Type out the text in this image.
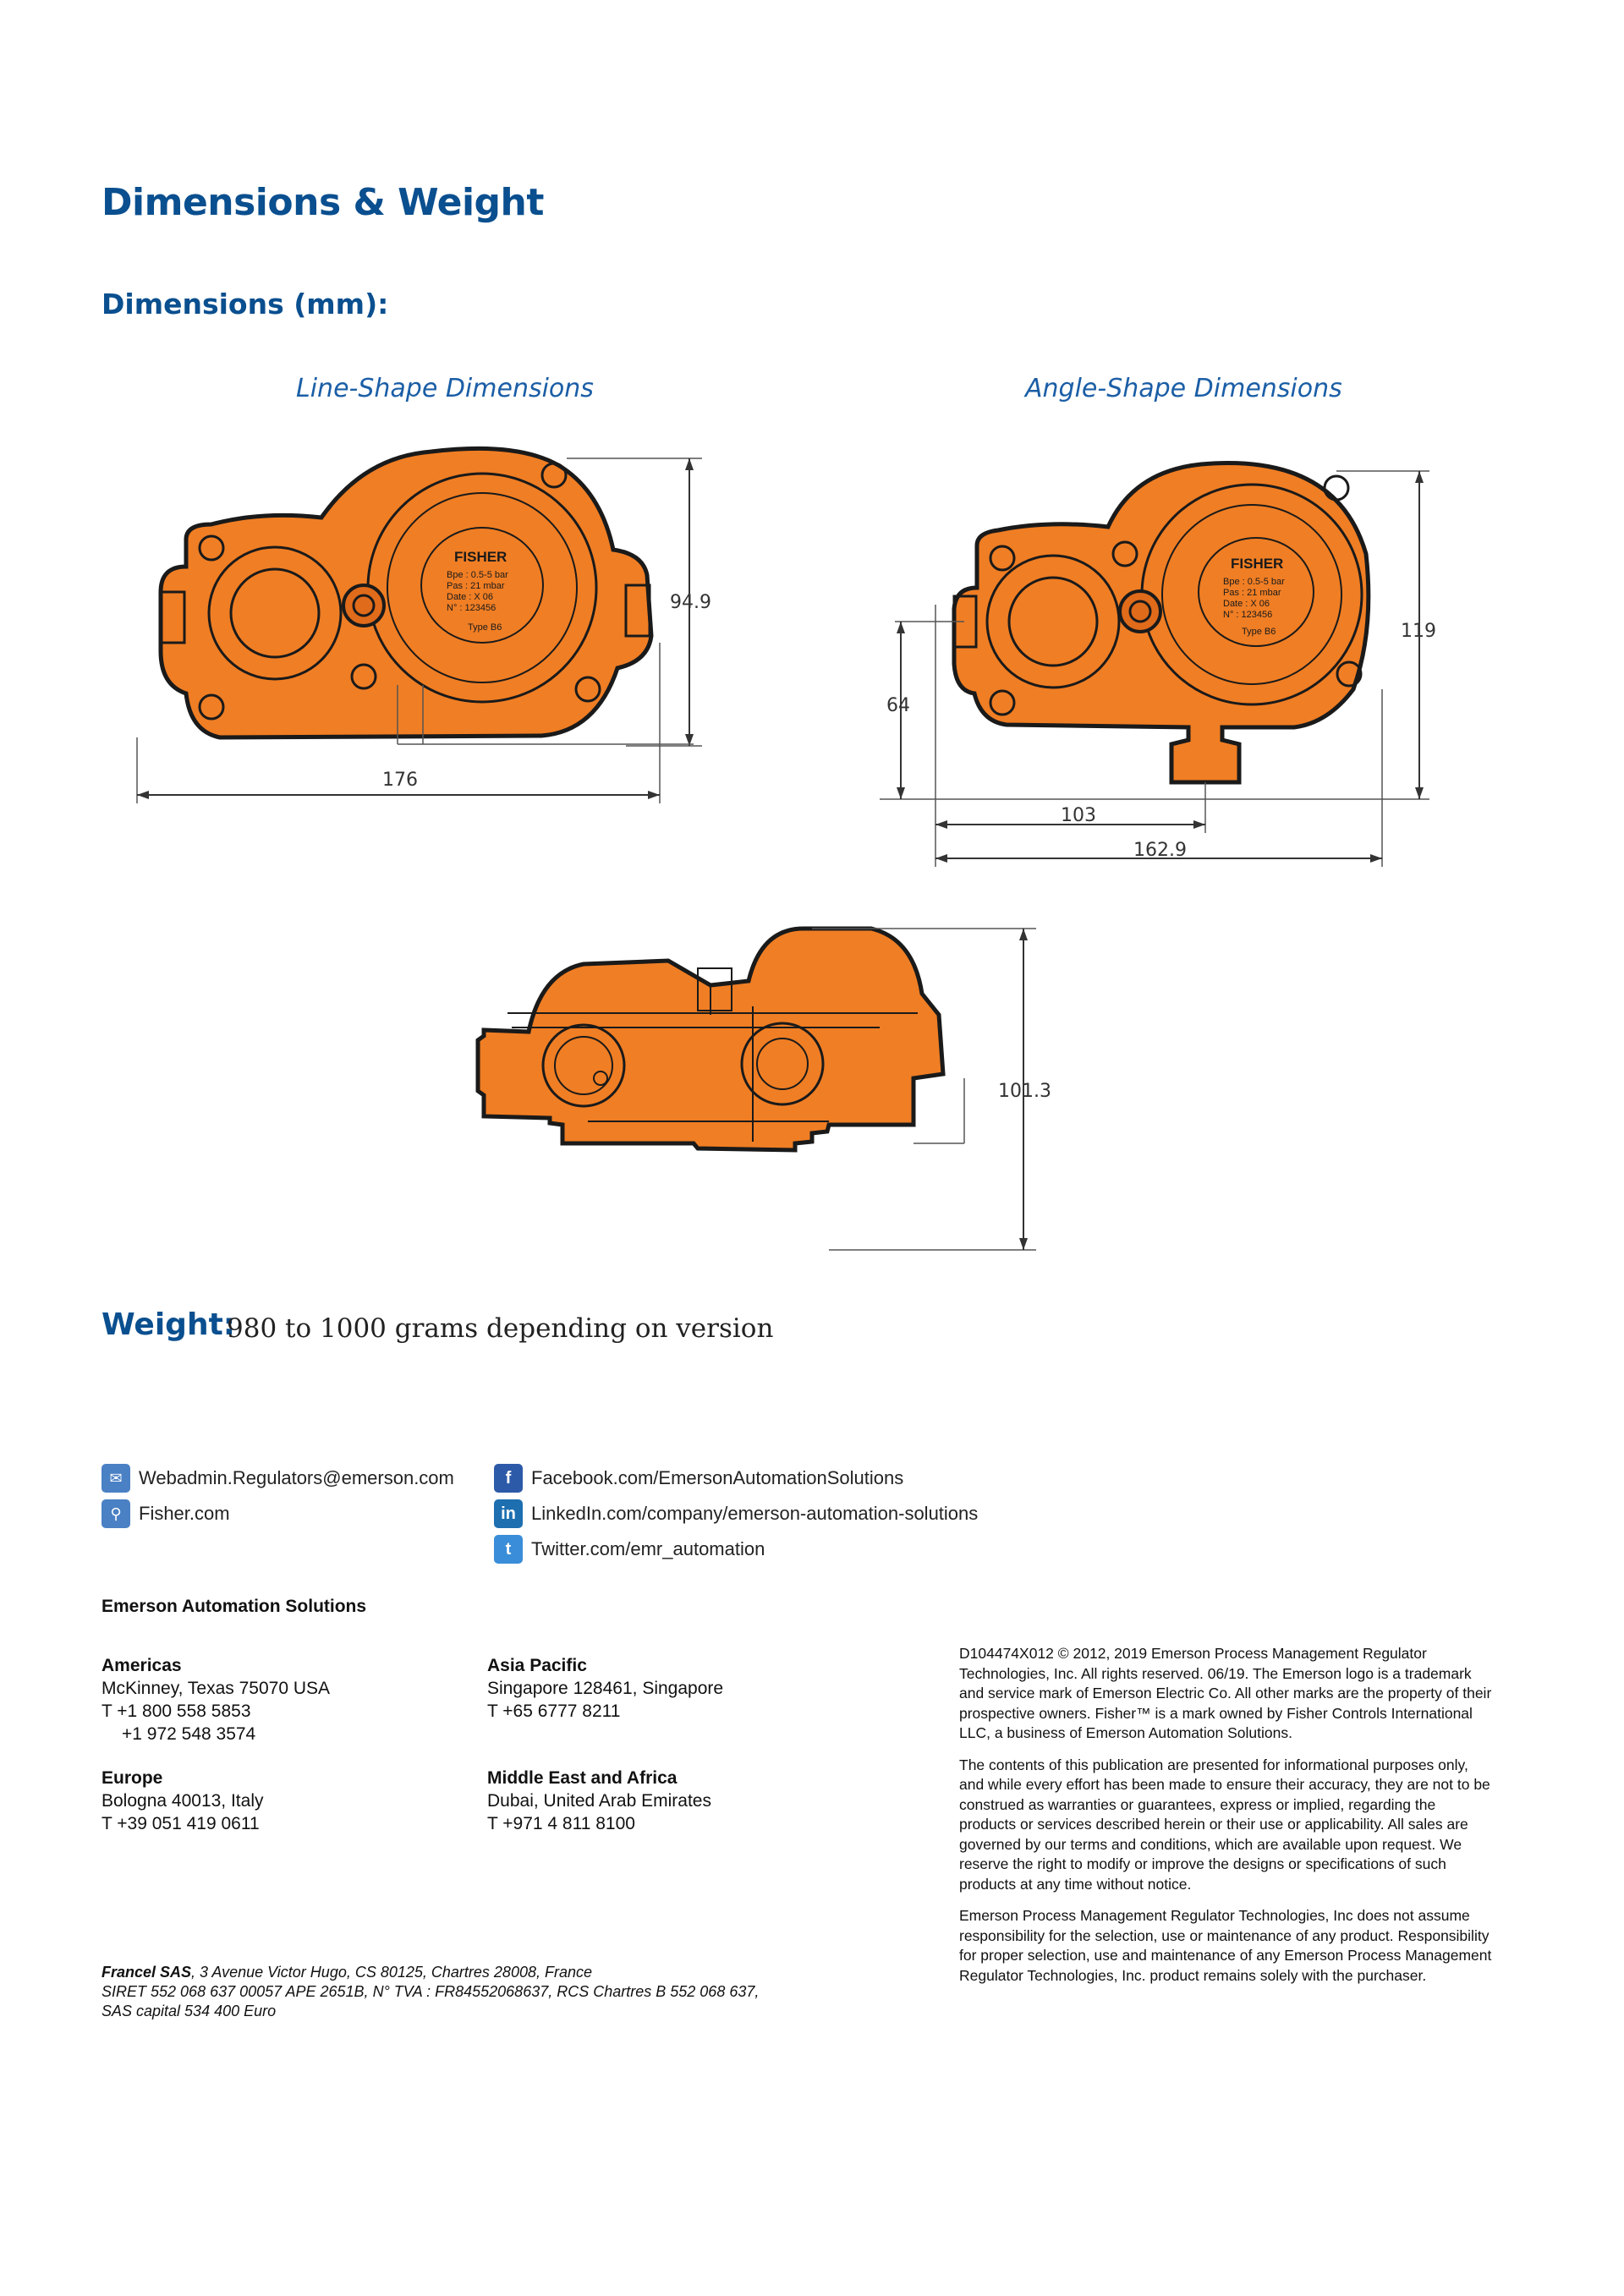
Dimensions & Weight
Dimensions (mm):
Line-Shape Dimensions	Angle-Shape Dimensions
FISHER
Bpe : 0.5-5 bar
Pas : 21 mbar
Date : X 06
N° : 123456
Type B6
94.9
176
FISHER
Bpe : 0.5-5 bar
Pas : 21 mbar
Date : X 06
N° : 123456
Type B6	119
64
103
162.9
101.3
Weight:
980 to 1000 grams depending on version
✉ Webadmin.Regulators@emerson.com
⚲ Fisher.com
f	Facebook.com/EmersonAutomationSolutions
in LinkedIn.com/company/emerson-automation-solutions
t	Twitter.com/emr_automation
Emerson Automation Solutions
Americas
McKinney, Texas 75070 USA
T +1 800 558 5853
+1 972 548 3574
Europe
Bologna 40013, Italy
T +39 051 419 0611
Asia Pacific
Singapore 128461, Singapore
T +65 6777 8211
Middle East and Africa
Dubai, United Arab Emirates
T +971 4 811 8100
Francel SAS, 3 Avenue Victor Hugo, CS 80125, Chartres 28008, France
SIRET 552 068 637 00057 APE 2651B, N° TVA : FR84552068637, RCS Chartres B 552 068 637,
SAS capital 534 400 Euro

D104474X012 © 2012, 2019 Emerson Process Management Regulator Technologies, Inc. All rights reserved. 06/19. The Emerson logo is a trademark and service mark of Emerson Electric Co. All other marks are the property of their prospective owners. Fisher™ is a mark owned by Fisher Controls International LLC, a business of Emerson Automation Solutions.

The contents of this publication are presented for informational purposes only, and while every effort has been made to ensure their accuracy, they are not to be construed as warranties or guarantees, express or implied, regarding the products or services described herein or their use or applicability. All sales are governed by our terms and conditions, which are available upon request. We reserve the right to modify or improve the designs or specifications of such products at any time without notice.

Emerson Process Management Regulator Technologies, Inc does not assume responsibility for the selection, use or maintenance of any product. Responsibility for proper selection, use and maintenance of any Emerson Process Management Regulator Technologies, Inc. product remains solely with the purchaser.
